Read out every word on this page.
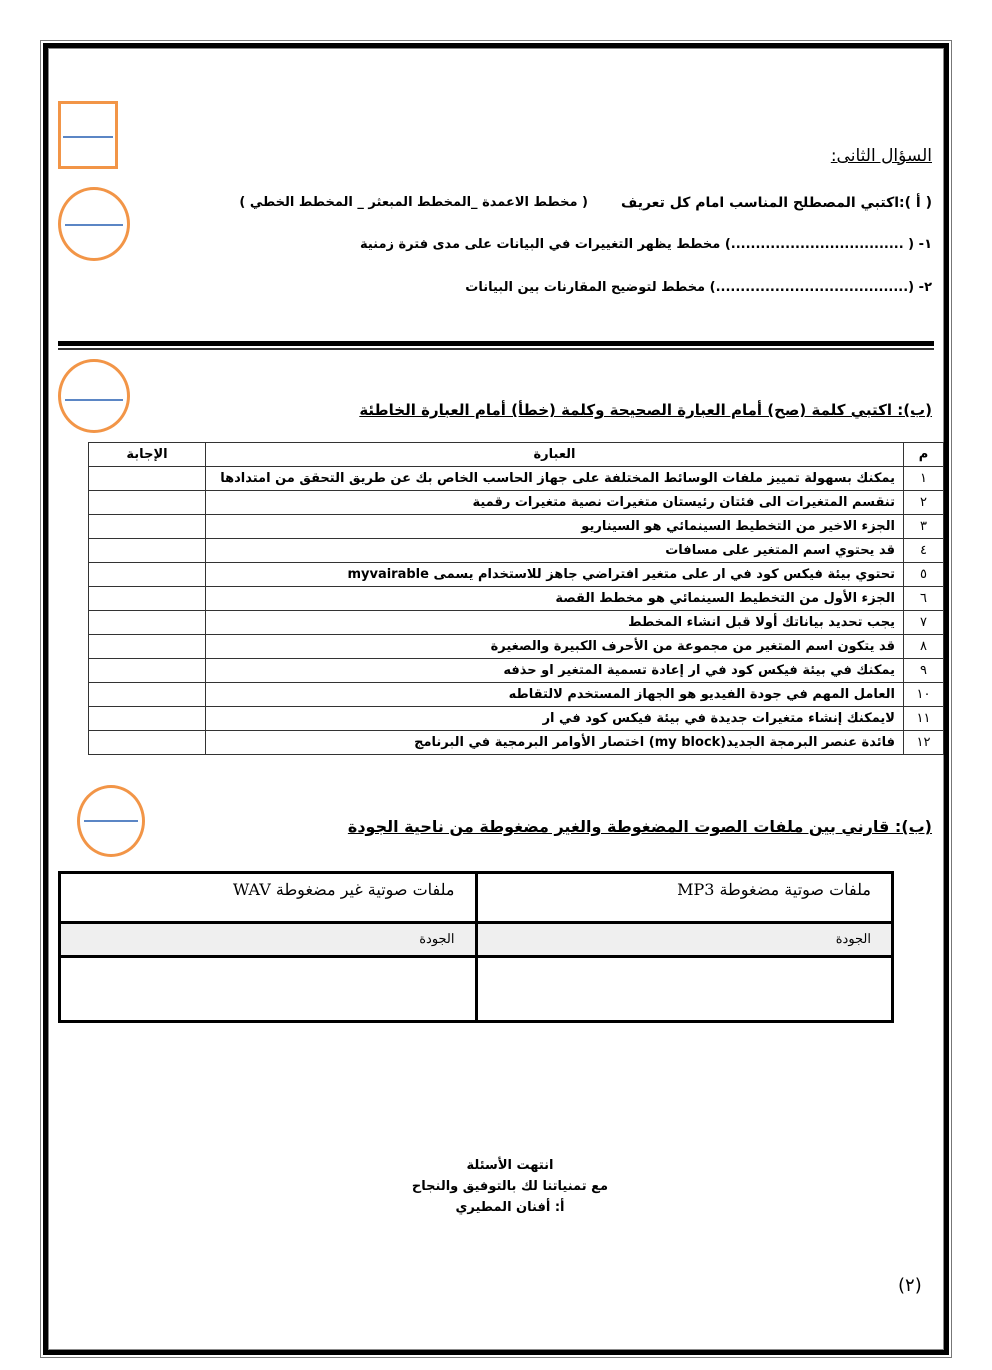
السؤال الثانى:
( أ ):اكتبي المصطلح المناسب امام كل تعريف
( مخطط الاعمدة _المخطط المبعثر _ المخطط الخطي )
١- ( ...................................) مخطط يظهر التغييرات في البيانات على مدى فترة زمنية
٢- (.......................................) مخطط لتوضيح المقارنات بين البيانات
(ب): اكتبي كلمة (صح) أمام العبارة الصحيحة وكلمة (خطأ) أمام العبارة الخاطئة
م	العبارة	الإجابة
١	يمكنك بسهولة تمييز ملفات الوسائط المختلفة على جهاز الحاسب الخاص بك عن طريق التحقق من امتدادها	
٢	تنقسم المتغيرات الى فئتان رئيستان متغيرات نصية متغيرات رقمية	
٣	الجزء الاخير من التخطيط السينمائي هو السيناريو	
٤	قد يحتوي اسم المتغير على مسافات	
٥	تحتوي بيئة فيكس كود في ار على متغير افتراضي جاهز للاستخدام يسمى myvairable	
٦	الجزء الأول من التخطيط السينمائي هو مخطط القصة	
٧	يجب تحديد بياناتك أولا قبل انشاء المخطط	
٨	قد يتكون اسم المتغير من مجموعة من الأحرف الكبيرة والصغيرة	
٩	يمكنك في بيئة فيكس كود في ار إعادة تسمية المتغير او حذفه	
١٠	العامل المهم في جودة الفيديو هو الجهاز المستخدم لالتقاطه	
١١	لايمكنك إنشاء متغيرات جديدة في بيئة فيكس كود في ار	
١٢	فائدة عنصر البرمجة الجديد(my block) اختصار الأوامر البرمجية في البرنامج	
(ب): قارني بين ملفات الصوت المضغوطة والغير مضغوطة من ناحية الجودة
ملفات صوتية مضغوطة MP3	ملفات صوتية غير مضغوطة WAV
الجودة	الجودة

انتهت الأسئلة
مع تمنياتنا لك بالتوفيق والنجاح
أ: أفنان المطيري
(٢)
